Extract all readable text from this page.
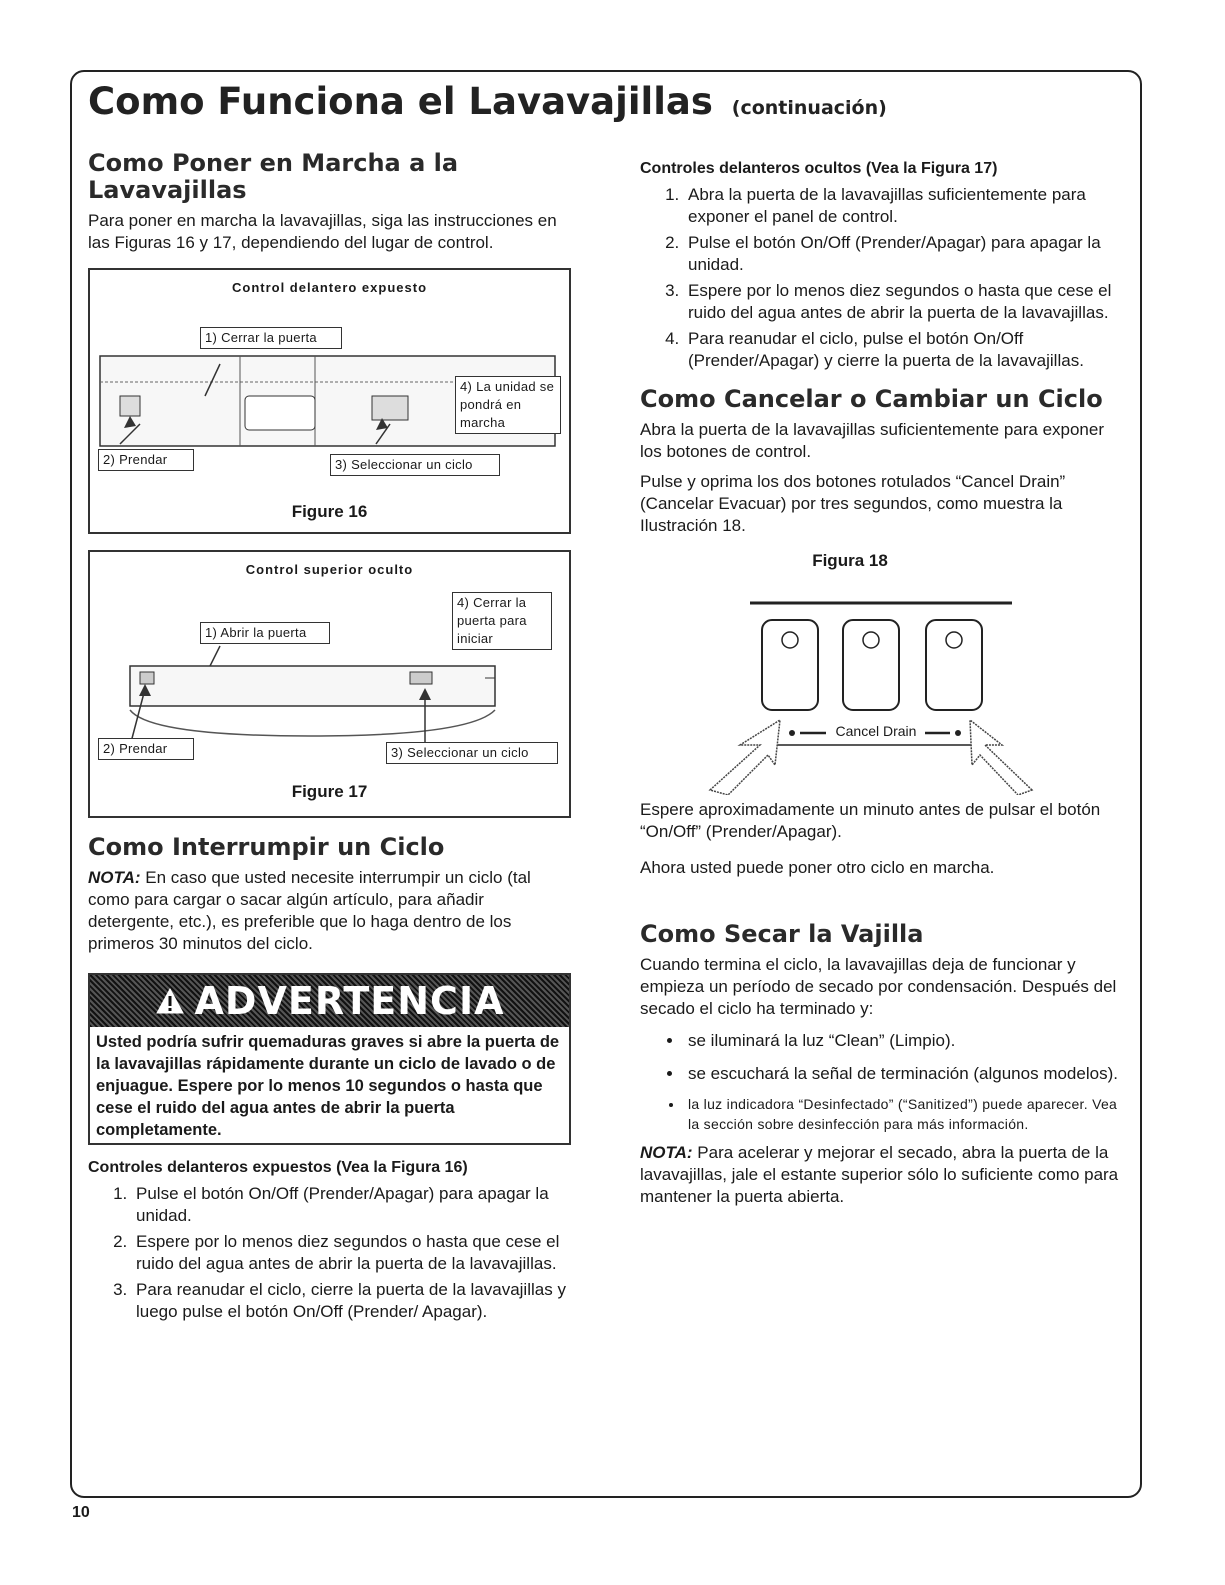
Como Funciona el Lavavajillas (continuación)
Como Poner en Marcha a la Lavavajillas

Para poner en marcha la lavavajillas, siga las instrucciones en las Figuras 16 y 17, dependiendo del lugar de control.

Control delantero expuesto
1) Cerrar la puerta
2) Prendar	3) Seleccionar un ciclo
4) La unidad se pondrá en marcha
Figure 16
Control superior oculto
1) Abrir la puerta
2) Prendar	3) Seleccionar un ciclo
4) Cerrar la puerta para iniciar
Figure 17
Como Interrumpir un Ciclo

NOTA: En caso que usted necesite interrumpir un ciclo (tal como para cargar o sacar algún artículo, para añadir detergente, etc.), es preferible que lo haga dentro de los primeros 30 minutos del ciclo.

ADVERTENCIA
Usted podría sufrir quemaduras graves si abre la puerta de la lavavajillas rápidamente durante un ciclo de lavado o de enjuague. Espere por lo menos 10 segundos o hasta que cese el ruido del agua antes de abrir la puerta completamente.
Controles delanteros expuestos (Vea la Figura 16)
1. Pulse el botón On/Off (Prender/Apagar) para apagar la unidad.
2. Espere por lo menos diez segundos o hasta que cese el ruido del agua antes de abrir la puerta de la lavavajillas.
3. Para reanudar el ciclo, cierre la puerta de la lavavajillas y luego pulse el botón On/Off (Prender/ Apagar).
Controles delanteros ocultos (Vea la Figura 17)
1. Abra la puerta de la lavavajillas suficientemente para exponer el panel de control.
2. Pulse el botón On/Off (Prender/Apagar) para apagar la unidad.
3. Espere por lo menos diez segundos o hasta que cese el ruido del agua antes de abrir la puerta de la lavavajillas.
4. Para reanudar el ciclo, pulse el botón On/Off (Prender/Apagar) y cierre la puerta de la lavavajillas.
Como Cancelar o Cambiar un Ciclo

Abra la puerta de la lavavajillas suficientemente para exponer los botones de control.

Pulse y oprima los dos botones rotulados “Cancel Drain” (Cancelar Evacuar) por tres segundos, como muestra la Ilustración 18.

Figura 18
Cancel Drain

Espere aproximadamente un minuto antes de pulsar el botón “On/Off” (Prender/Apagar).

Ahora usted puede poner otro ciclo en marcha.

Como Secar la Vajilla

Cuando termina el ciclo, la lavavajillas deja de funcionar y empieza un período de secado por condensación. Después del secado el ciclo ha terminado y:

• se iluminará la luz “Clean” (Limpio).
• se escuchará la señal de terminación (algunos modelos).
• la luz indicadora “Desinfectado” (“Sanitized”) puede aparecer. Vea la sección sobre desinfección para más información.

NOTA: Para acelerar y mejorar el secado, abra la puerta de la lavavajillas, jale el estante superior sólo lo suficiente como para mantener la puerta abierta.

10
